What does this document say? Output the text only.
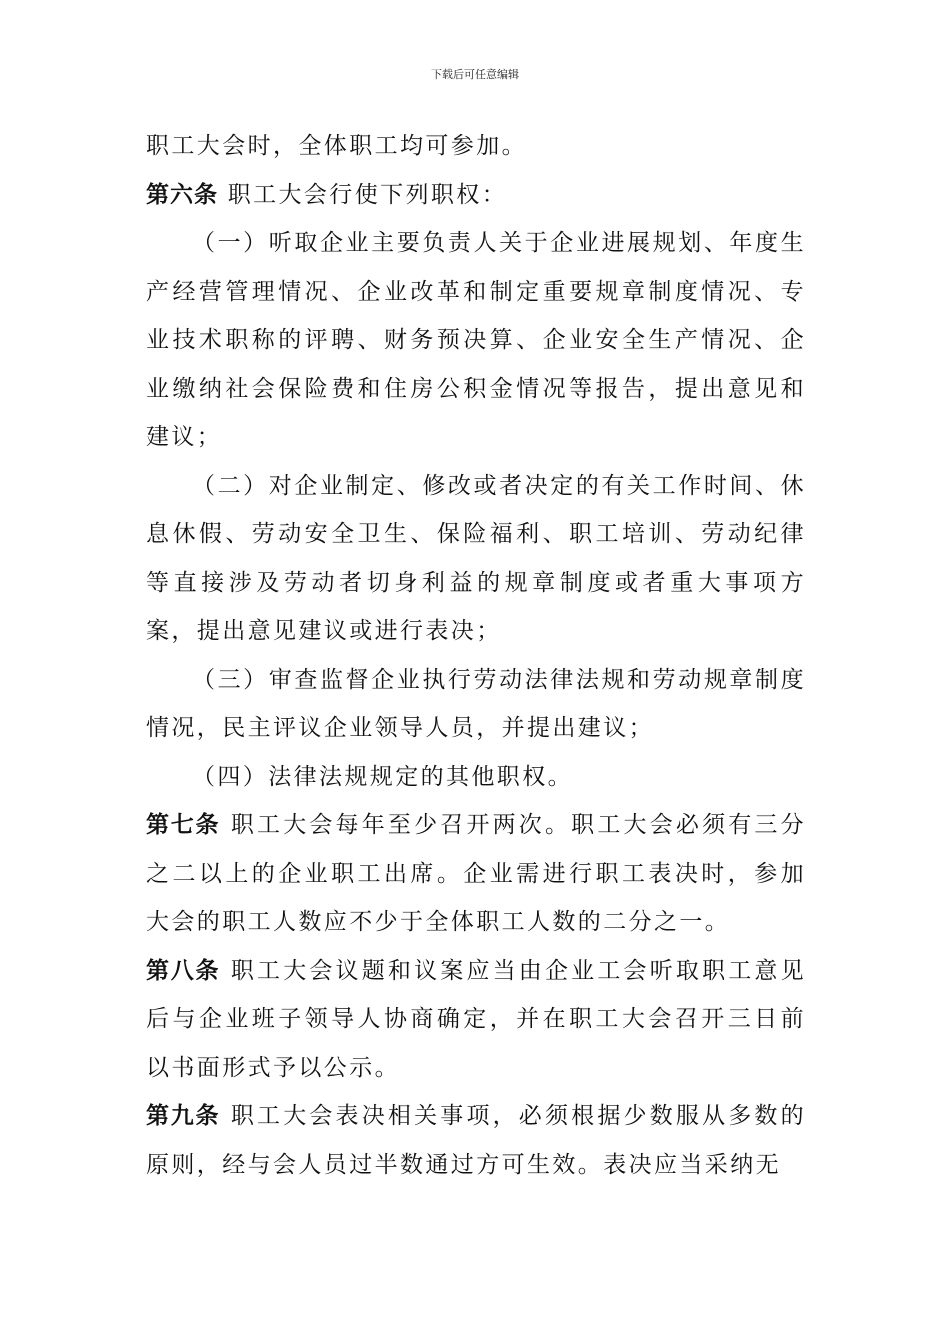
下载后可任意编辑

职工大会时，全体职工均可参加。

第六条 职工大会行使下列职权：

（一）听取企业主要负责人关于企业进展规划、年度生产经营管理情况、企业改革和制定重要规章制度情况、专业技术职称的评聘、财务预决算、企业安全生产情况、企业缴纳社会保险费和住房公积金情况等报告，提出意见和建议；

（二）对企业制定、修改或者决定的有关工作时间、休息休假、劳动安全卫生、保险福利、职工培训、劳动纪律等直接涉及劳动者切身利益的规章制度或者重大事项方案，提出意见建议或进行表决；

（三）审查监督企业执行劳动法律法规和劳动规章制度情况，民主评议企业领导人员，并提出建议；

（四）法律法规规定的其他职权。

第七条 职工大会每年至少召开两次。职工大会必须有三分之二以上的企业职工出席。企业需进行职工表决时，参加大会的职工人数应不少于全体职工人数的二分之一。

第八条 职工大会议题和议案应当由企业工会听取职工意见后与企业班子领导人协商确定，并在职工大会召开三日前以书面形式予以公示。

第九条 职工大会表决相关事项，必须根据少数服从多数的原则，经与会人员过半数通过方可生效。表决应当采纳无
